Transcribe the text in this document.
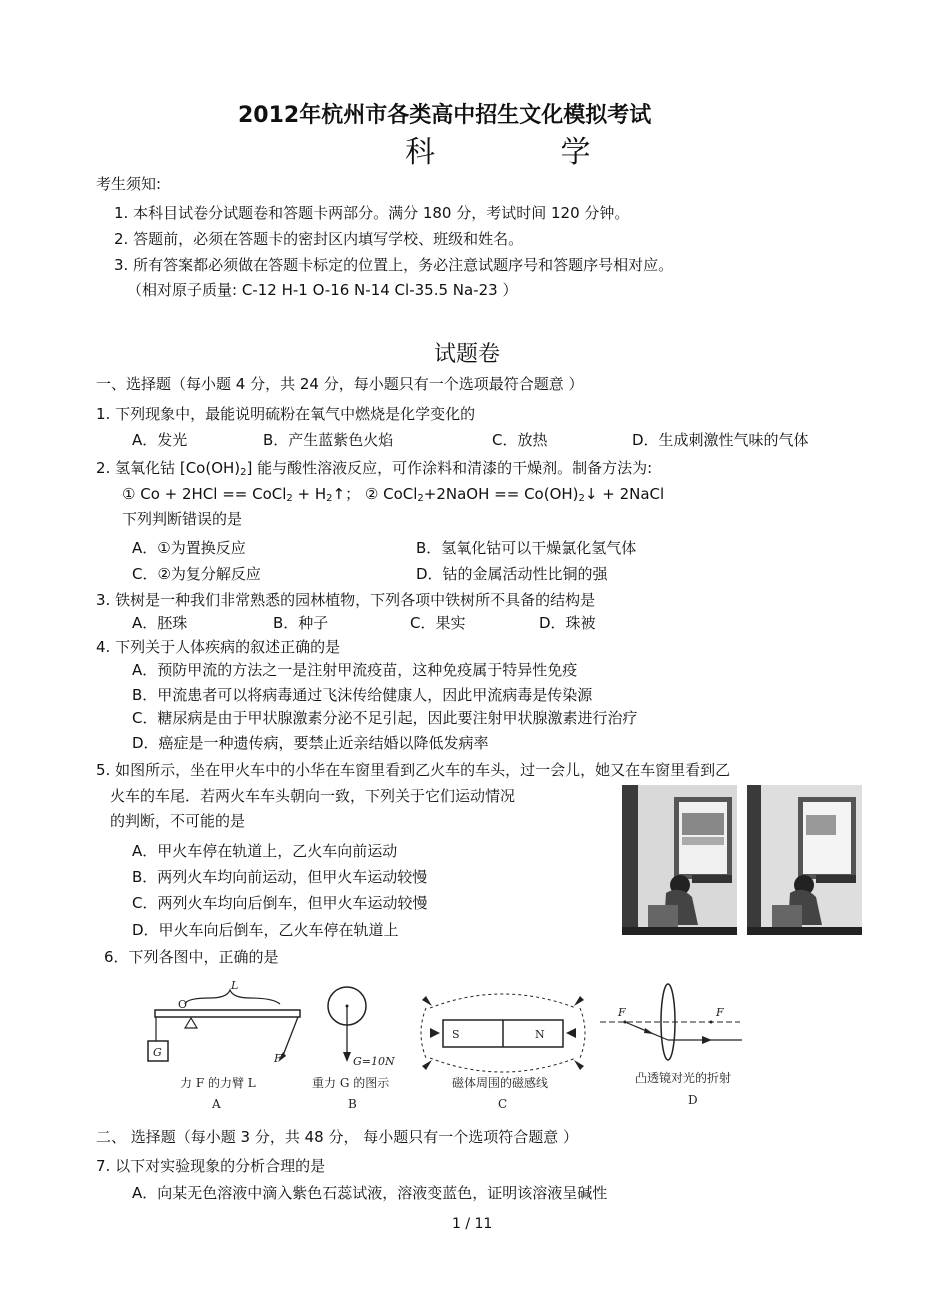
2012年杭州市各类高中招生文化模拟考试
科 学
考生须知:
1. 本科目试卷分试题卷和答题卡两部分。满分 180 分，考试时间 120 分钟。
2. 答题前，必须在答题卡的密封区内填写学校、班级和姓名。
3. 所有答案都必须做在答题卡标定的位置上，务必注意试题序号和答题序号相对应。
（相对原子质量: C-12 H-1 O-16 N-14 Cl-35.5 Na-23 ）
试题卷
一、选择题（每小题 4 分，共 24 分，每小题只有一个选项最符合题意 ）
1. 下列现象中，最能说明硫粉在氧气中燃烧是化学变化的
A．发光	B．产生蓝紫色火焰	C．放热	D．生成刺激性气味的气体
2. 氢氧化钴 $[Co(OH)_2]$ 能与酸性溶液反应，可作涂料和清漆的干燥剂。制备方法为:
① Co + 2HCl == CoCl$_2$ + $H_2↑$； ② CoCl$_2$+2NaOH == $Co(OH)_2↓$ + 2NaCl
下列判断错误的是
A．①为置换反应	B．氢氧化钴可以干燥氯化氢气体
C．②为复分解反应	D．钴的金属活动性比铜的强
3. 铁树是一种我们非常熟悉的园林植物，下列各项中铁树所不具备的结构是
A．胚珠	B．种子	C．果实	D．珠被
4. 下列关于人体疾病的叙述正确的是
A．预防甲流的方法之一是注射甲流疫苗，这种免疫属于特异性免疫
B．甲流患者可以将病毒通过飞沫传给健康人，因此甲流病毒是传染源
C．糖尿病是由于甲状腺激素分泌不足引起，因此要注射甲状腺激素进行治疗
D．癌症是一种遗传病，要禁止近亲结婚以降低发病率
5. 如图所示，坐在甲火车中的小华在车窗里看到乙火车的车头，过一会儿，她又在车窗里看到乙
火车的车尾．若两火车车头朝向一致，下列关于它们运动情况
的判断，不可能的是
A．甲火车停在轨道上，乙火车向前运动
B．两列火车均向前运动，但甲火车运动较慢
C．两列火车均向后倒车，但甲火车运动较慢
D．甲火车向后倒车，乙火车停在轨道上
6．下列各图中，正确的是
O
L
G	F
力 F 的力臂 L
A
G=10N
重力 G 的图示
B
S	N
磁体周围的磁感线
C
F	F
凸透镜对光的折射
D
二、 选择题（每小题 3 分，共 48 分， 每小题只有一个选项符合题意 ）
7. 以下对实验现象的分析合理的是
A．向某无色溶液中滴入紫色石蕊试液，溶液变蓝色，证明该溶液呈碱性
1 / 11
